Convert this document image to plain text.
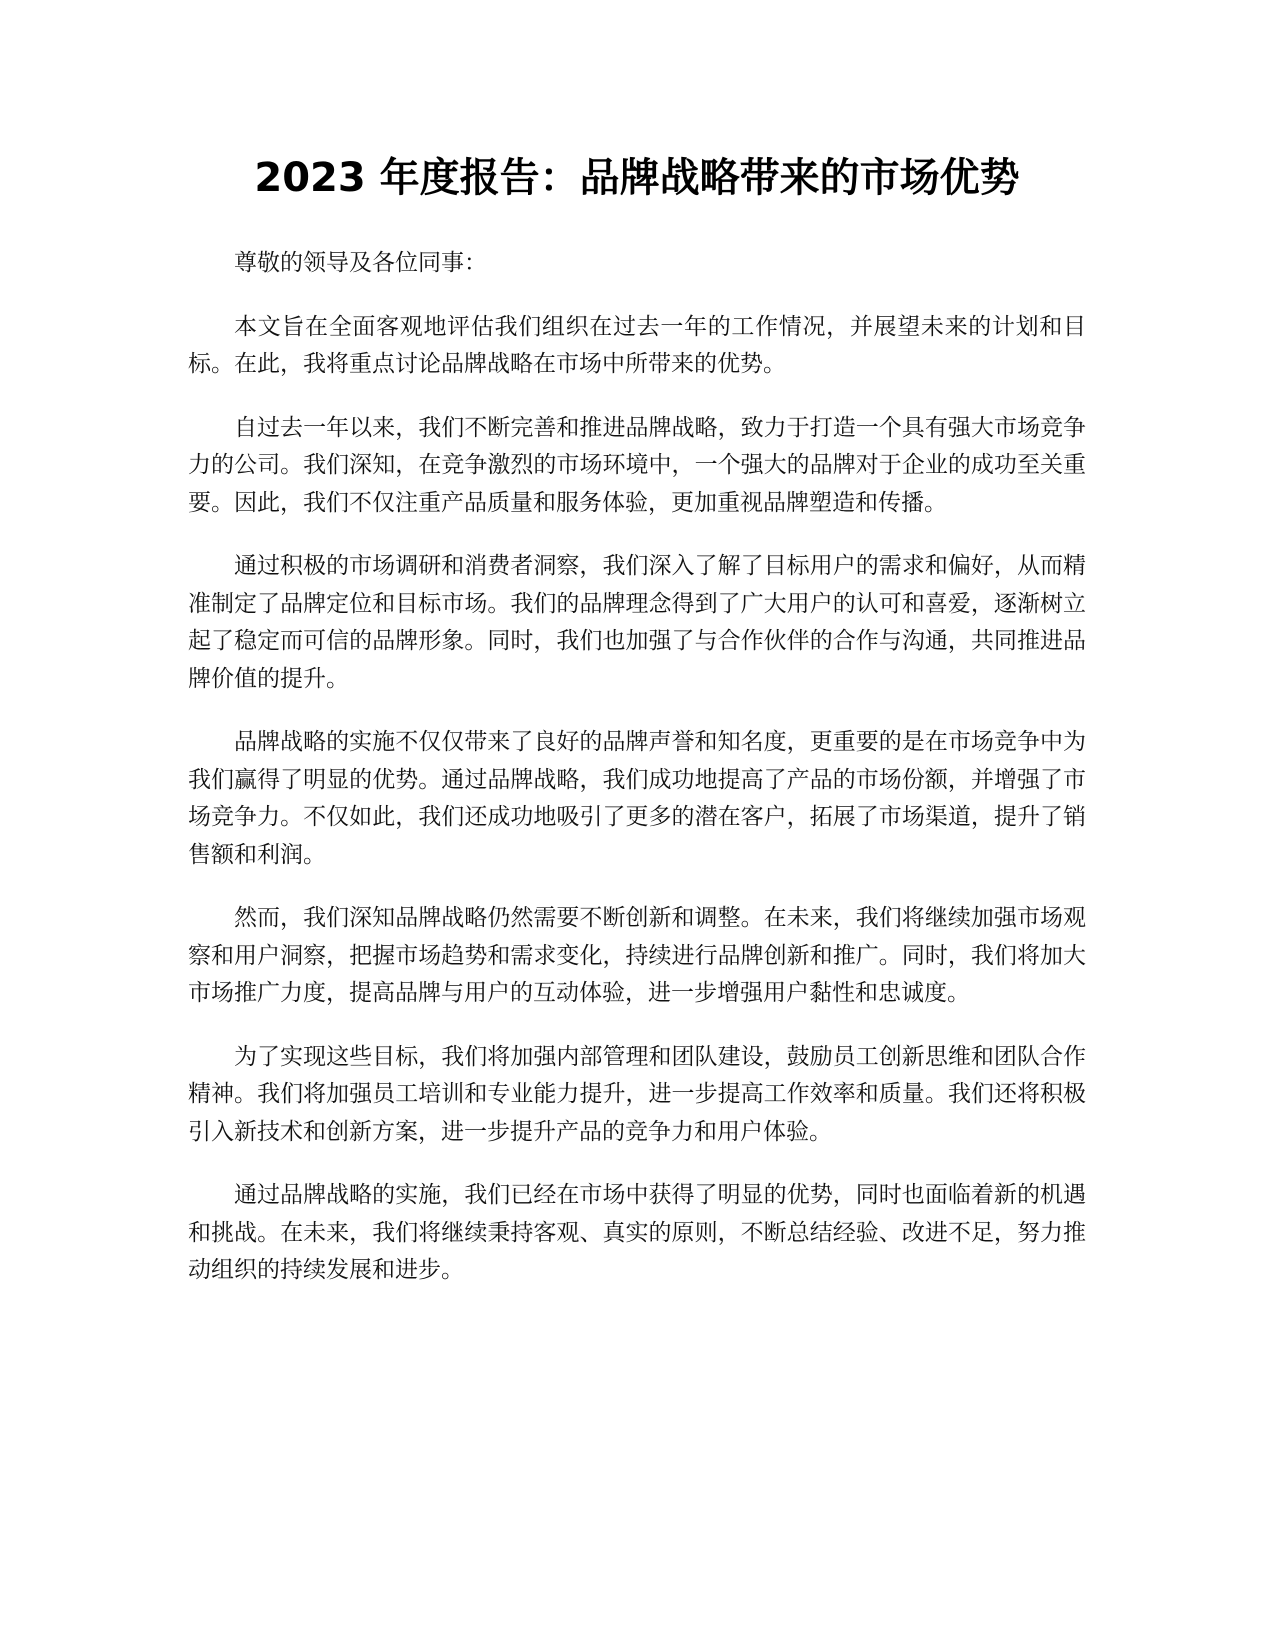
2023 年度报告：品牌战略带来的市场优势

尊敬的领导及各位同事：

本文旨在全面客观地评估我们组织在过去一年的工作情况，并展望未来的计划和目标。在此，我将重点讨论品牌战略在市场中所带来的优势。

自过去一年以来，我们不断完善和推进品牌战略，致力于打造一个具有强大市场竞争力的公司。我们深知，在竞争激烈的市场环境中，一个强大的品牌对于企业的成功至关重要。因此，我们不仅注重产品质量和服务体验，更加重视品牌塑造和传播。

通过积极的市场调研和消费者洞察，我们深入了解了目标用户的需求和偏好，从而精准制定了品牌定位和目标市场。我们的品牌理念得到了广大用户的认可和喜爱，逐渐树立起了稳定而可信的品牌形象。同时，我们也加强了与合作伙伴的合作与沟通，共同推进品牌价值的提升。

品牌战略的实施不仅仅带来了良好的品牌声誉和知名度，更重要的是在市场竞争中为我们赢得了明显的优势。通过品牌战略，我们成功地提高了产品的市场份额，并增强了市场竞争力。不仅如此，我们还成功地吸引了更多的潜在客户，拓展了市场渠道，提升了销售额和利润。

然而，我们深知品牌战略仍然需要不断创新和调整。在未来，我们将继续加强市场观察和用户洞察，把握市场趋势和需求变化，持续进行品牌创新和推广。同时，我们将加大市场推广力度，提高品牌与用户的互动体验，进一步增强用户黏性和忠诚度。

为了实现这些目标，我们将加强内部管理和团队建设，鼓励员工创新思维和团队合作精神。我们将加强员工培训和专业能力提升，进一步提高工作效率和质量。我们还将积极引入新技术和创新方案，进一步提升产品的竞争力和用户体验。

通过品牌战略的实施，我们已经在市场中获得了明显的优势，同时也面临着新的机遇和挑战。在未来，我们将继续秉持客观、真实的原则，不断总结经验、改进不足，努力推动组织的持续发展和进步。
